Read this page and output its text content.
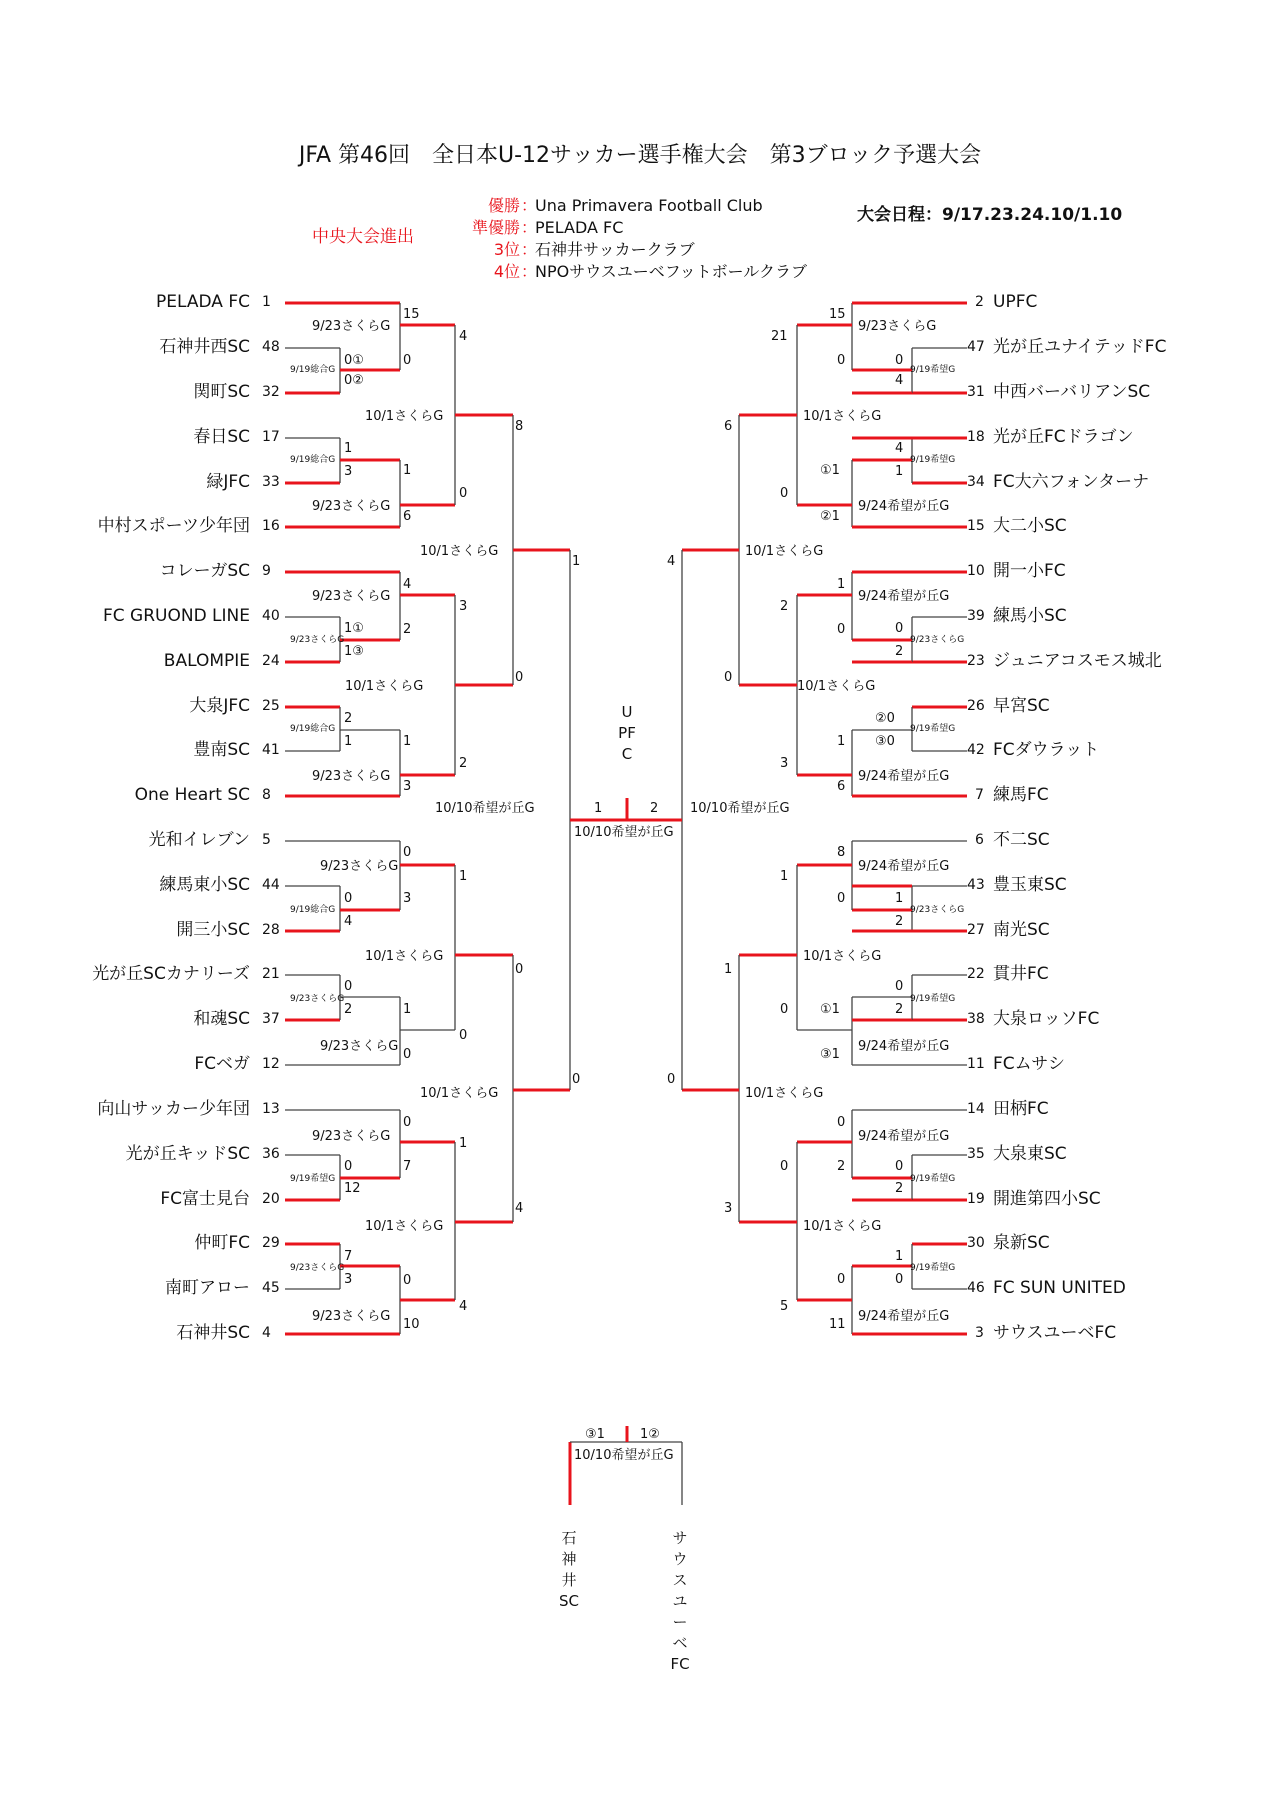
JFA 第46回　全日本U-12サッカー選手権大会　第3ブロック予選大会
中央大会進出
優勝 ：
Una Primavera Football Club
準優勝 ：
PELADA FC
3位 ：
石神井サッカークラブ
4位 ：
NPOサウスユーベフットボールクラブ
大会日程：9/17.23.24.10/1.10
PELADA FC 1
石神井西SC 48
関町SC 32
春日SC 17
緑JFC 33
中村スポーツ少年団 16
コレーガSC 9
FC GRUOND LINE 40
BALOMPIE 24
大泉JFC 25
豊南SC 41
One Heart SC 8
光和イレブン 5
練馬東小SC 44
開三小SC 28
光が丘SCカナリーズ 21
和魂SC 37
FCベガ 12
向山サッカー少年団 13
光が丘キッドSC 36
FC富士見台 20
仲町FC 29
南町アロー 45
石神井SC 4
2 UPFC
47 光が丘ユナイテッドFC
31 中西バーバリアンSC
18 光が丘FCドラゴン
34 FC大六フォンターナ
15 大二小SC
10 開一小FC
39 練馬小SC
23 ジュニアコスモス城北
26 早宮SC
42 FCダウラット
7 練馬FC
6 不二SC
43 豊玉東SC
27 南光SC
22 貫井FC
38 大泉ロッソFC
11 FCムサシ
14 田柄FC
35 大泉東SC
19 開進第四小SC
30 泉新SC
46 FC SUN UNITED
3 サウスユーベFC
9/23さくらG
9/19総合G
10/1さくらG
9/19総合G
9/23さくらG
10/1さくらG
9/23さくらG
9/23さくらG
10/1さくらG
9/19総合G
9/23さくらG
10/10希望が丘G
9/23さくらG
9/19総合G
10/1さくらG
9/23さくらG
9/23さくらG
10/1さくらG
9/23さくらG
9/19希望G
10/1さくらG
9/23さくらG
9/23さくらG
9/23さくらG
9/19希望G
10/1さくらG
9/19希望G
9/24希望が丘G
10/1さくらG
9/24希望が丘G
9/23さくらG
10/1さくらG
9/19希望G
9/24希望が丘G
10/10希望が丘G
9/24希望が丘G
9/23さくらG
10/1さくらG
9/19希望G
9/24希望が丘G
10/1さくらG
9/24希望が丘G
9/19希望G
10/1さくらG
9/19希望G
9/24希望が丘G
15
0①
0②
0
4
1
3	1
6
0
8
4
1①
1③
2
3
2
1	1
3
2
0
1
0
0
4
3
1
0
2	1
0
0
0
0
0
12
7
1
7
3	0
10
4
4
0
15
21
0	0
4
6
4
①1	1
0
②1
4
1
2
0	0
2
0
②0
③0
1
3
6
8
1
0	1
2
1
0
①1	2
0
③1
0
0	2	0
2
3
0
1
0	0
5
11
UPFC
1	2
10/10希望が丘G
③1	1②
10/10希望が丘G
石神井SC
サウスユーベFC
